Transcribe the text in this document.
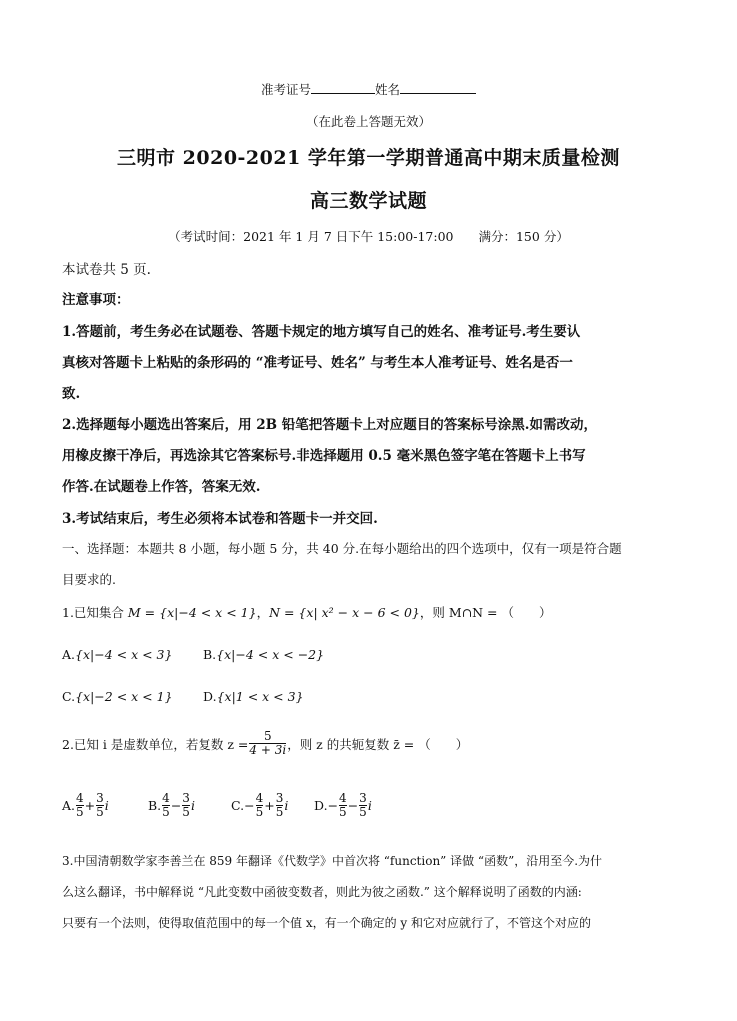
准考证号	姓名
（在此卷上答题无效）
三明市 2020-2021 学年第一学期普通高中期末质量检测
高三数学试题
（考试时间：2021 年 1 月 7 日下午 15:00-17:00　　满分：150 分）
本试卷共 5 页.
注意事项：
1.答题前，考生务必在试题卷、答题卡规定的地方填写自己的姓名、准考证号.考生要认
真核对答题卡上粘贴的条形码的 “准考证号、姓名” 与考生本人准考证号、姓名是否一
致.
2.选择题每小题选出答案后，用 2B 铅笔把答题卡上对应题目的答案标号涂黑.如需改动，
用橡皮擦干净后，再选涂其它答案标号.非选择题用 0.5 毫米黑色签字笔在答题卡上书写
作答.在试题卷上作答，答案无效.
3.考试结束后，考生必须将本试卷和答题卡一并交回.
一、选择题：本题共 8 小题，每小题 5 分，共 40 分.在每小题给出的四个选项中，仅有一项是符合题
目要求的.
1.已知集合 M = {x|−4 < x < 1}，N = {x| x² − x − 6 < 0}，则 M∩N = （　　）
A.{x|−4 < x < 3} B.{x|−4 < x < −2}
C.{x|−2 < x < 1} D.{x|1 < x < 3}
2.已知 i 是虚数单位，若复数 $z = \frac{5}{4 + 3i}$ ，则 z 的共轭复数 z̄ = （　　）
A. $\frac{4}{5} + \frac{3}{5}$ i	B. $\frac{4}{5} - \frac{3}{5}$ i	C. − $\frac{4}{5} + \frac{3}{5}$ i D. − $\frac{4}{5} - \frac{3}{5}$ i
3.中国清朝数学家李善兰在 859 年翻译《代数学》中首次将 “function” 译做 “函数”，沿用至今.为什
么这么翻译，书中解释说 “凡此变数中函彼变数者，则此为彼之函数.” 这个解释说明了函数的内涵:
只要有一个法则，使得取值范围中的每一个值 x，有一个确定的 y 和它对应就行了，不管这个对应的
